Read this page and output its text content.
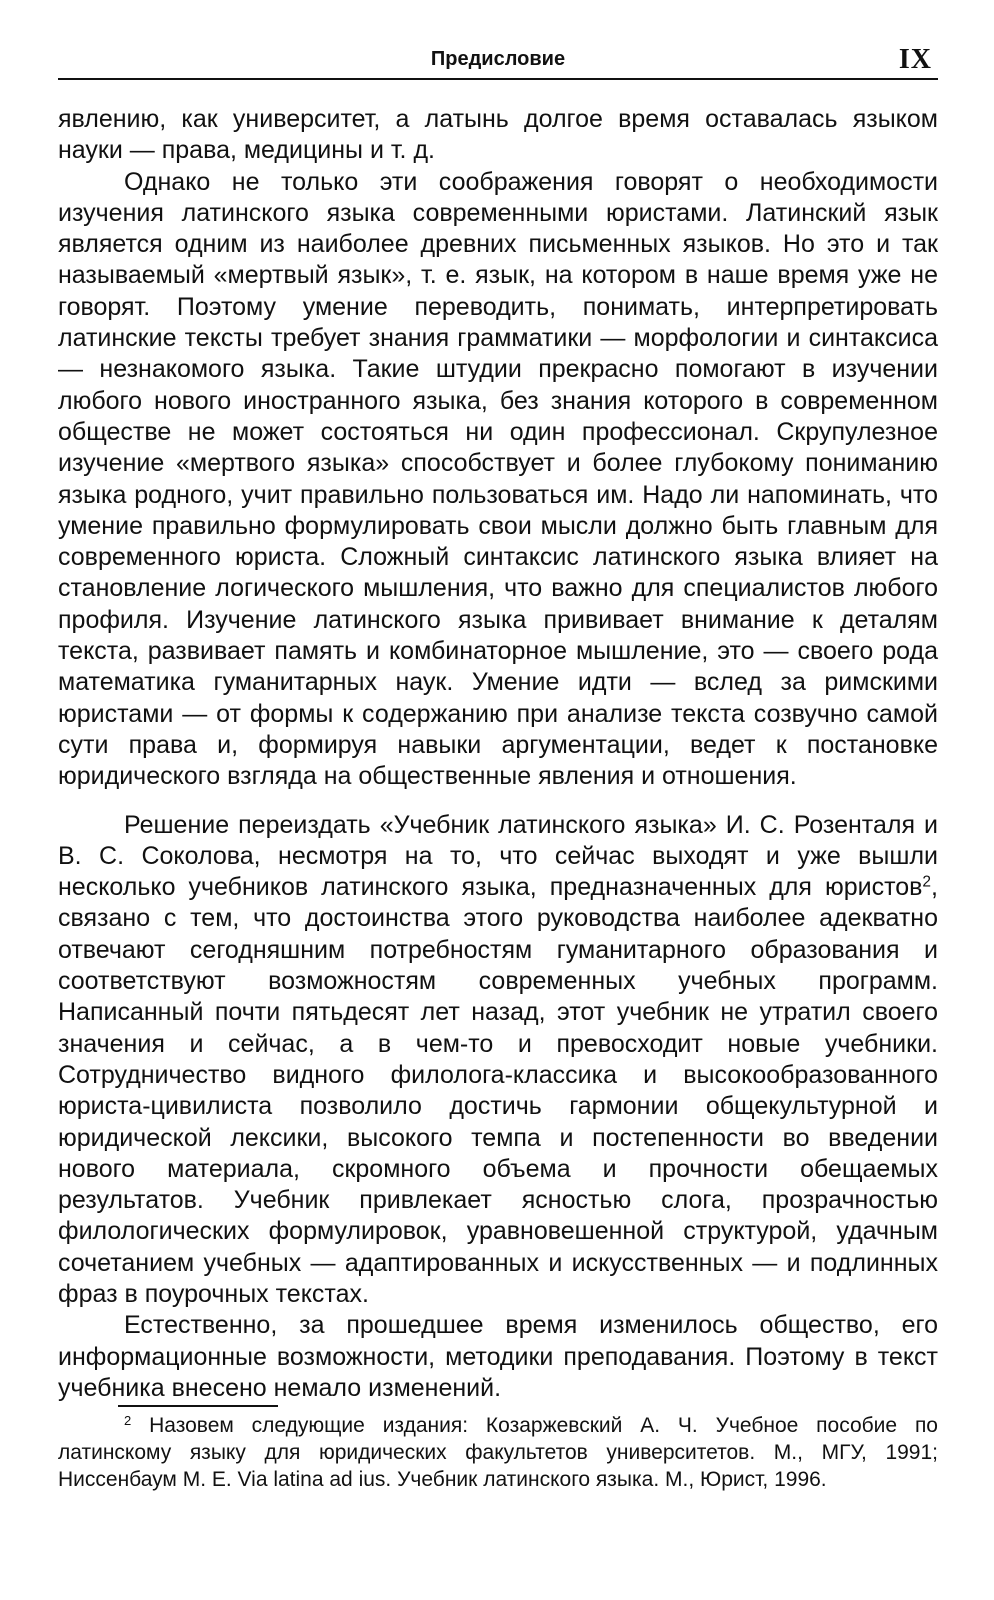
Предисловие	IX

явлению, как университет, а латынь долгое время оставалась языком науки — права, медицины и т. д.

Однако не только эти соображения говорят о необходимости изучения латинского языка современными юристами. Латинский язык является одним из наиболее древних письменных языков. Но это и так называемый «мертвый язык», т. е. язык, на котором в наше время уже не говорят. Поэтому умение переводить, понимать, интерпретировать латинские тексты требует знания грамматики — морфологии и синтаксиса — незнакомого языка. Такие штудии прекрасно помогают в изучении любого нового иностранного языка, без знания которого в современном обществе не может состояться ни один профессионал. Скрупулезное изучение «мертвого языка» способствует и более глубокому пониманию языка родного, учит правильно пользоваться им. Надо ли напоминать, что умение правильно формулировать свои мысли должно быть главным для современного юриста. Сложный синтаксис латинского языка влияет на становление логического мышления, что важно для специалистов любого профиля. Изучение латинского языка прививает внимание к деталям текста, развивает память и комбинаторное мышление, это — своего рода математика гуманитарных наук. Умение идти — вслед за римскими юристами — от формы к содержанию при анализе текста созвучно самой сути права и, формируя навыки аргументации, ведет к постановке юридического взгляда на общественные явления и отношения.

Решение переиздать «Учебник латинского языка» И. С. Розенталя и В. С. Соколова, несмотря на то, что сейчас выходят и уже вышли несколько учебников латинского языка, предназначенных для юристов$^2$, связано с тем, что достоинства этого руководства наиболее адекватно отвечают сегодняшним потребностям гуманитарного образования и соответствуют возможностям современных учебных программ. Написанный почти пятьдесят лет назад, этот учебник не утратил своего значения и сейчас, а в чем-то и превосходит новые учебники. Сотрудничество видного филолога-классика и высокообразованного юриста-цивилиста позволило достичь гармонии общекультурной и юридической лексики, высокого темпа и постепенности во введении нового материала, скромного объема и прочности обещаемых результатов. Учебник привлекает ясностью слога, прозрачностью филологических формулировок, уравновешенной структурой, удачным сочетанием учебных — адаптированных и искусственных — и подлинных фраз в поурочных текстах.

Естественно, за прошедшее время изменилось общество, его информационные возможности, методики преподавания. Поэтому в текст учебника внесено немало изменений.

$^2$ Назовем следующие издания: Козаржевский А. Ч. Учебное пособие по латинскому языку для юридических факультетов университетов. М., МГУ, 1991; Ниссенбаум М. Е. Via latina ad ius. Учебник латинского языка. М., Юрист, 1996.
